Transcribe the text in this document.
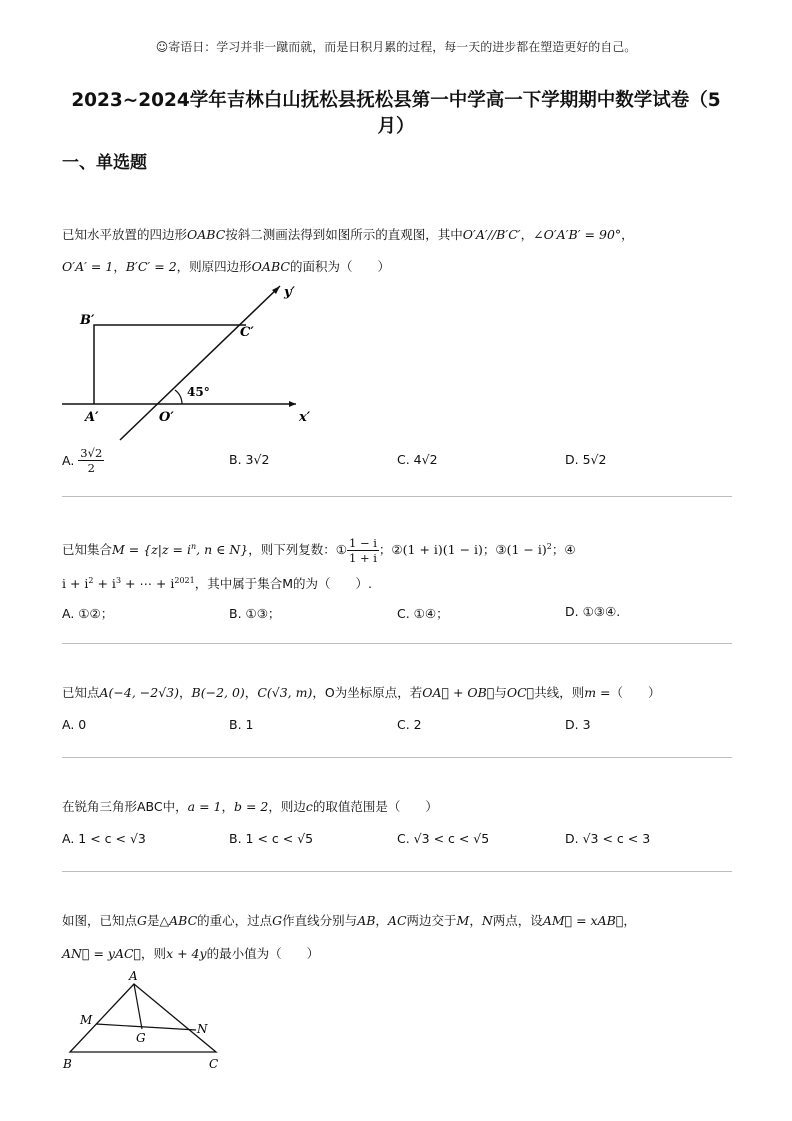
☺寄语日：学习并非一蹴而就，而是日积月累的过程，每一天的进步都在塑造更好的自己。
2023~2024学年吉林白山抚松县抚松县第一中学高一下学期期中数学试卷（5
月）
一、单选题
已知水平放置的四边形OABC按斜二测画法得到如图所示的直观图，其中O′A′//B′C′，∠O′A′B′ = 90°，
O′A′ = 1，B′C′ = 2，则原四边形OABC的面积为（　　）
B′
C′
y′
45°
A′	O′	x′
A. $\frac{3√2}{2}$	B. 3√2	C. 4√2	D. 5√2
已知集合$M = \{z|z = i^n$, n ∈ N}，则下列复数：① $\frac{1 - i}{1 + i}$ ；②(1 + i)(1 − i)；③(1 − i)$^2$；④
$i + i^2 + i^3$ + ⋯ + $i^{2021}$，其中属于集合M的为（　　）.
A. ①②；	B. ①③；	C. ①④；	D. ①③④.
已知点A(−4, −2√3)，B(−2, 0)，C(√3, m)，O为坐标原点，若OA⃗ + OB⃗与OC⃗共线，则m =（　　）
A. 0	B. 1	C. 2	D. 3
在锐角三角形ABC中，a = 1，b = 2，则边c的取值范围是（　　）
A. 1 < c < √3	B. 1 < c < √5	C. √3 < c < √5	D. √3 < c < 3
如图，已知点G是△ABC的重心，过点G作直线分别与AB，AC两边交于M，N两点，设AM⃗ = xAB⃗，
AN⃗ = yAC⃗，则x + 4y的最小值为（　　）
A
M
N
G
B	C
